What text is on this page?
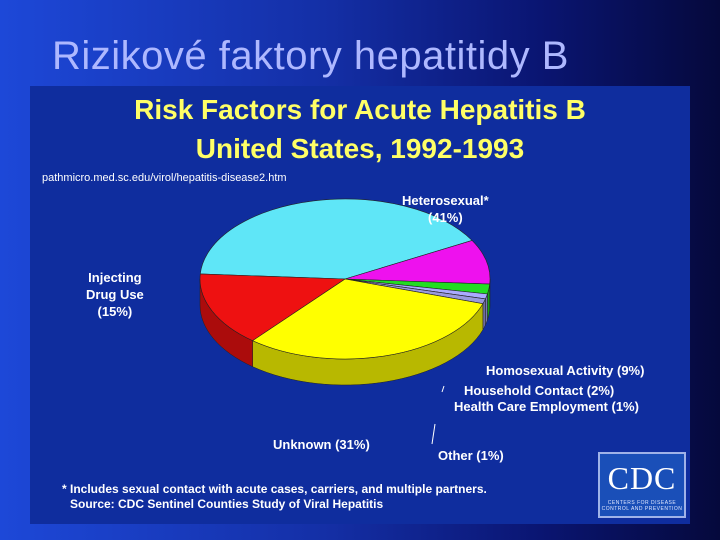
Rizikové faktory hepatitidy B
Risk Factors for Acute Hepatitis B
United States, 1992-1993
pathmicro.med.sc.edu/virol/hepatitis-disease2.htm
Heterosexual*
(41%)
Injecting
Drug Use
(15%)
Homosexual Activity (9%)
Household Contact (2%)
Health Care Employment (1%)
Unknown (31%)
Other (1%)
* Includes sexual contact with acute cases, carriers, and multiple partners.
Source: CDC Sentinel Counties Study of Viral Hepatitis
CDC
CENTERS FOR DISEASE CONTROL AND PREVENTION
